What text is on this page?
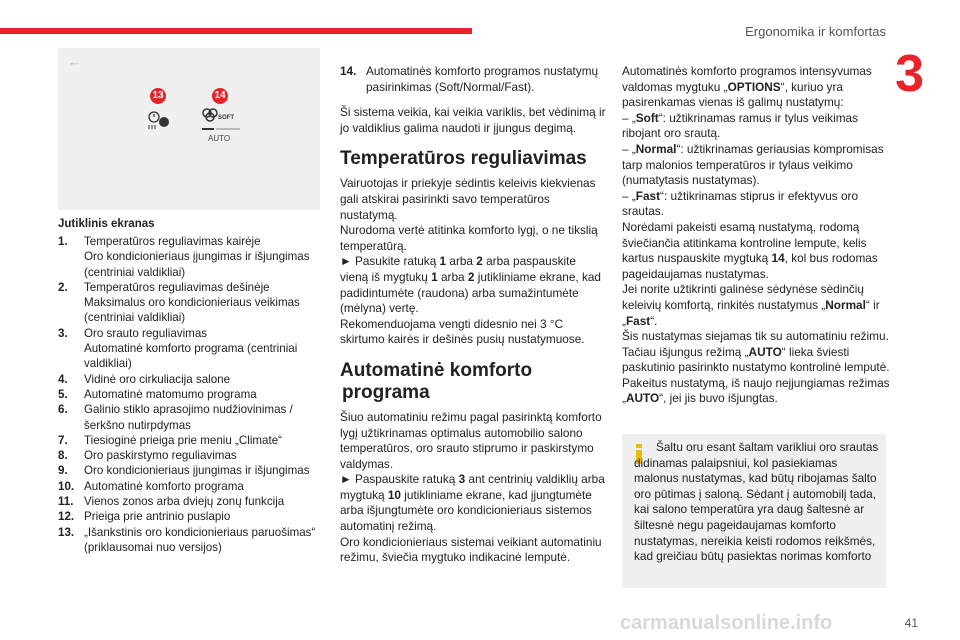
Ergonomika ir komfortas
3
←
13	14
SOFT
AUTO
Jutiklinis ekranas
1.	Temperatūros reguliavimas kairėje
Oro kondicionieriaus įjungimas ir išjungimas (centriniai valdikliai)
2.	Temperatūros reguliavimas dešinėje
Maksimalus oro kondicionieriaus veikimas (centriniai valdikliai)
3.	Oro srauto reguliavimas
Automatinė komforto programa (centriniai valdikliai)
4.	Vidinė oro cirkuliacija salone
5.	Automatinė matomumo programa
6.	Galinio stiklo aprasojimo nudžiovinimas / šerkšno nutirpdymas
7.	Tiesioginė prieiga prie meniu „Climate“
8.	Oro paskirstymo reguliavimas
9.	Oro kondicionieriaus įjungimas ir išjungimas
10. Automatinė komforto programa
11. Vienos zonos arba dviejų zonų funkcija
12. Prieiga prie antrinio puslapio
13. „Išankstinis oro kondicionieriaus paruošimas“ (priklausomai nuo versijos)
14. Automatinės komforto programos nustatymų pasirinkimas (Soft/Normal/Fast).

Ši sistema veikia, kai veikia variklis, bet vėdinimą ir jo valdiklius galima naudoti ir įjungus degimą.

Temperatūros reguliavimas

Vairuotojas ir priekyje sėdintis keleivis kiekvienas gali atskirai pasirinkti savo temperatūros nustatymą.

Nurodoma vertė atitinka komforto lygį, o ne tikslią temperatūrą.

► Pasukite ratuką 1 arba 2 arba paspauskite vieną iš mygtukų 1 arba 2 jutikliniame ekrane, kad padidintumėte (raudona) arba sumažintumėte (mėlyna) vertę.

Rekomenduojama vengti didesnio nei 3 °C skirtumo kairės ir dešinės pusių nustatymuose.

Automatinė komforto
programa

Šiuo automatiniu režimu pagal pasirinktą komforto lygį užtikrinamas optimalus automobilio salono temperatūros, oro srauto stiprumo ir paskirstymo valdymas.

► Paspauskite ratuką 3 ant centrinių valdiklių arba mygtuką 10 jutikliniame ekrane, kad įjungtumėte arba išjungtumėte oro kondicionieriaus sistemos automatinį režimą.

Oro kondicionieriaus sistemai veikiant automatiniu režimu, šviečia mygtuko indikacinė lemputė.

Automatinės komforto programos intensyvumas valdomas mygtuku „OPTIONS“, kuriuo yra pasirenkamas vienas iš galimų nustatymų:

– „Soft“: užtikrinamas ramus ir tylus veikimas ribojant oro srautą.

– „Normal“: užtikrinamas geriausias kompromisas tarp malonios temperatūros ir tylaus veikimo (numatytasis nustatymas).

– „Fast“: užtikrinamas stiprus ir efektyvus oro srautas.

Norėdami pakeisti esamą nustatymą, rodomą šviečiančia atitinkama kontroline lempute, kelis kartus nuspauskite mygtuką 14, kol bus rodomas pageidaujamas nustatymas.

Jei norite užtikrinti galinėse sėdynėse sėdinčių keleivių komfortą, rinkitės nustatymus „Normal“ ir „Fast“.

Šis nustatymas siejamas tik su automatiniu režimu. Tačiau išjungus režimą „AUTO“ lieka šviesti paskutinio pasirinkto nustatymo kontrolinė lemputė.

Pakeitus nustatymą, iš naujo neįjungiamas režimas „AUTO“, jei jis buvo išjungtas.

Šaltu oru esant šaltam varikliui oro srautas didinamas palaipsniui, kol pasiekiamas malonus nustatymas, kad būtų ribojamas šalto oro pūtimas į saloną. Sėdant į automobilį tada, kai salono temperatūra yra daug šaltesnė ar šiltesnė negu pageidaujamas komforto nustatymas, nereikia keisti rodomos reikšmės, kad greičiau būtų pasiektas norimas komforto
carmanualsonline.info	41
